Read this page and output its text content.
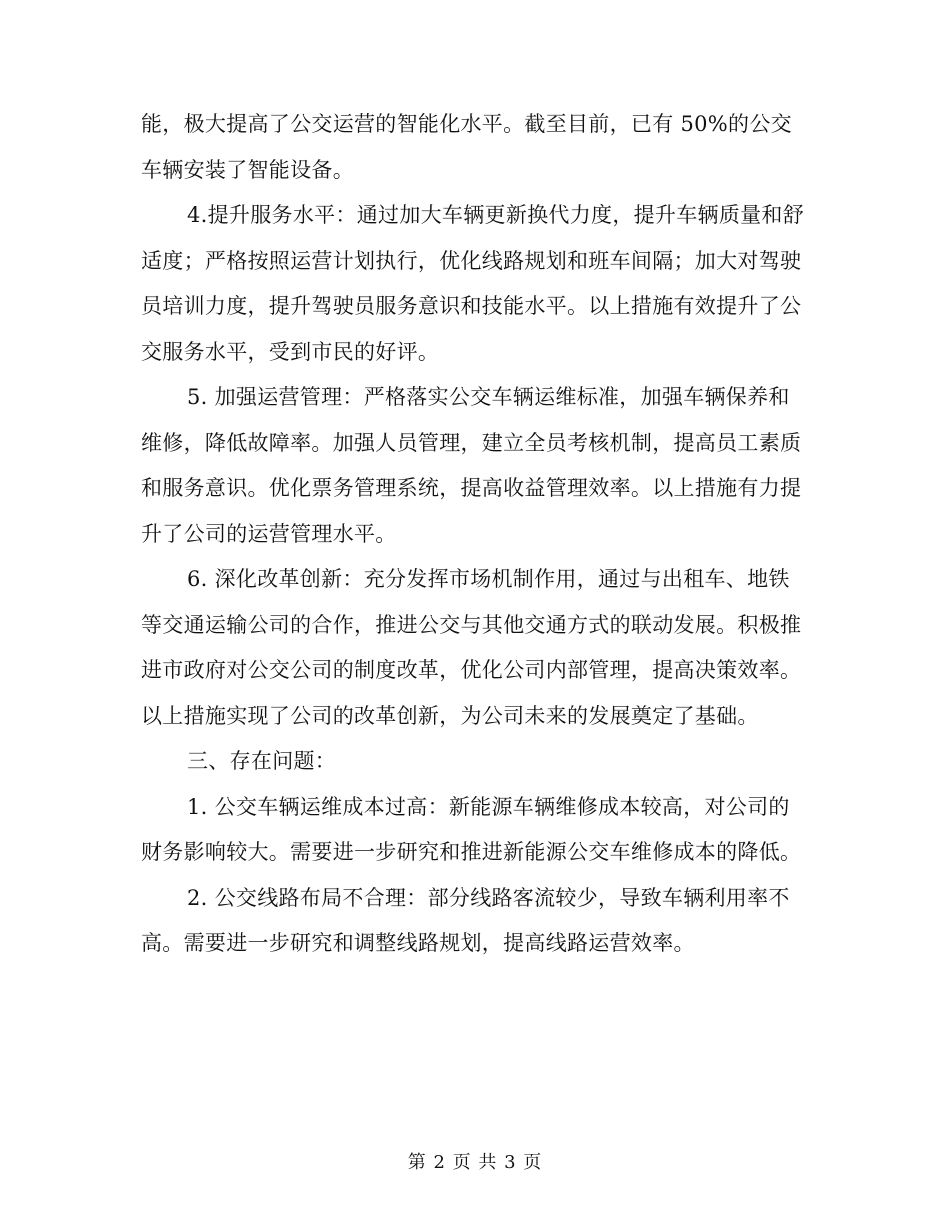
能，极大提高了公交运营的智能化水平。截至目前，已有 50%的公交车辆安装了智能设备。

4.提升服务水平：通过加大车辆更新换代力度，提升车辆质量和舒适度；严格按照运营计划执行，优化线路规划和班车间隔；加大对驾驶员培训力度，提升驾驶员服务意识和技能水平。以上措施有效提升了公交服务水平，受到市民的好评。

5. 加强运营管理：严格落实公交车辆运维标准，加强车辆保养和维修，降低故障率。加强人员管理，建立全员考核机制，提高员工素质和服务意识。优化票务管理系统，提高收益管理效率。以上措施有力提升了公司的运营管理水平。

6. 深化改革创新：充分发挥市场机制作用，通过与出租车、地铁等交通运输公司的合作，推进公交与其他交通方式的联动发展。积极推进市政府对公交公司的制度改革，优化公司内部管理，提高决策效率。以上措施实现了公司的改革创新，为公司未来的发展奠定了基础。

三、存在问题：

1. 公交车辆运维成本过高：新能源车辆维修成本较高，对公司的财务影响较大。需要进一步研究和推进新能源公交车维修成本的降低。

2. 公交线路布局不合理：部分线路客流较少，导致车辆利用率不高。需要进一步研究和调整线路规划，提高线路运营效率。

第 2 页 共 3 页
